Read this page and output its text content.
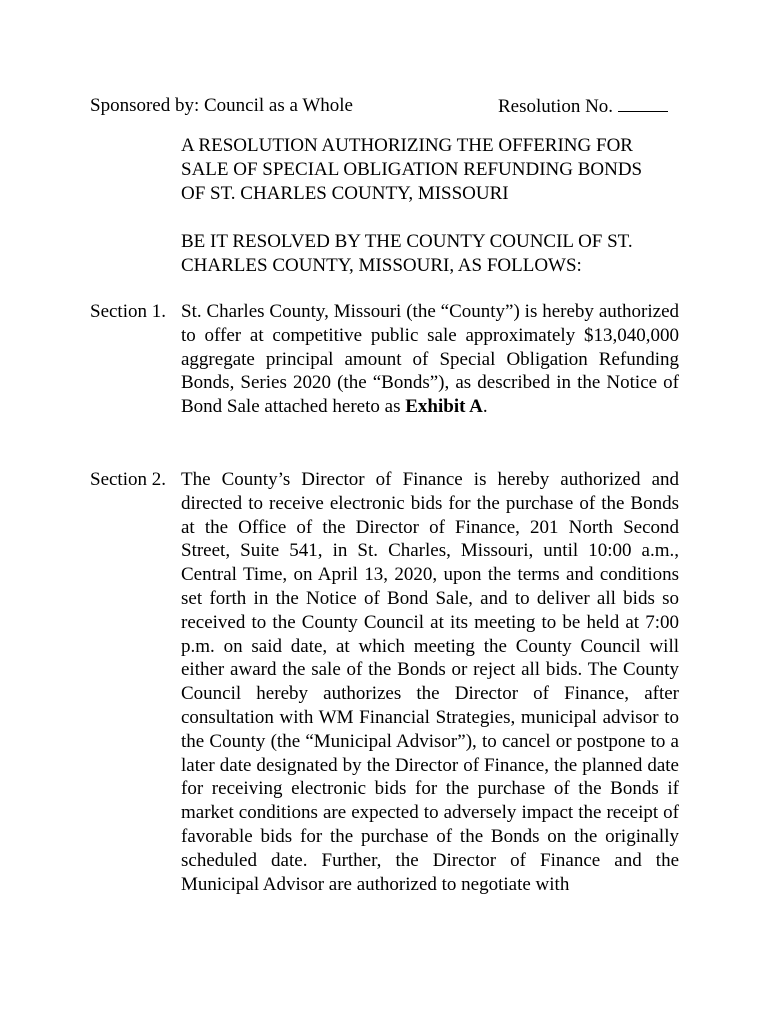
Sponsored by: Council as a Whole	Resolution No.
A RESOLUTION AUTHORIZING THE OFFERING FOR
SALE OF SPECIAL OBLIGATION REFUNDING BONDS
OF ST. CHARLES COUNTY, MISSOURI
BE IT RESOLVED BY THE COUNTY COUNCIL OF ST.
CHARLES COUNTY, MISSOURI, AS FOLLOWS:
Section 1. St. Charles County, Missouri (the “County”) is hereby authorized to offer at competitive public sale approximately $13,040,000 aggregate principal amount of Special Obligation Refunding Bonds, Series 2020 (the “Bonds”), as described in the Notice of Bond Sale attached hereto as Exhibit A.
Section 2. The County’s Director of Finance is hereby authorized and directed to receive electronic bids for the purchase of the Bonds at the Office of the Director of Finance, 201 North Second Street, Suite 541, in St. Charles, Missouri, until 10:00 a.m., Central Time, on April 13, 2020, upon the terms and conditions set forth in the Notice of Bond Sale, and to deliver all bids so received to the County Council at its meeting to be held at 7:00 p.m. on said date, at which meeting the County Council will either award the sale of the Bonds or reject all bids. The County Council hereby authorizes the Director of Finance, after consultation with WM Financial Strategies, municipal advisor to the County (the “Municipal Advisor”), to cancel or postpone to a later date designated by the Director of Finance, the planned date for receiving electronic bids for the purchase of the Bonds if market conditions are expected to adversely impact the receipt of favorable bids for the purchase of the Bonds on the originally scheduled date. Further, the Director of Finance and the Municipal Advisor are authorized to negotiate with
